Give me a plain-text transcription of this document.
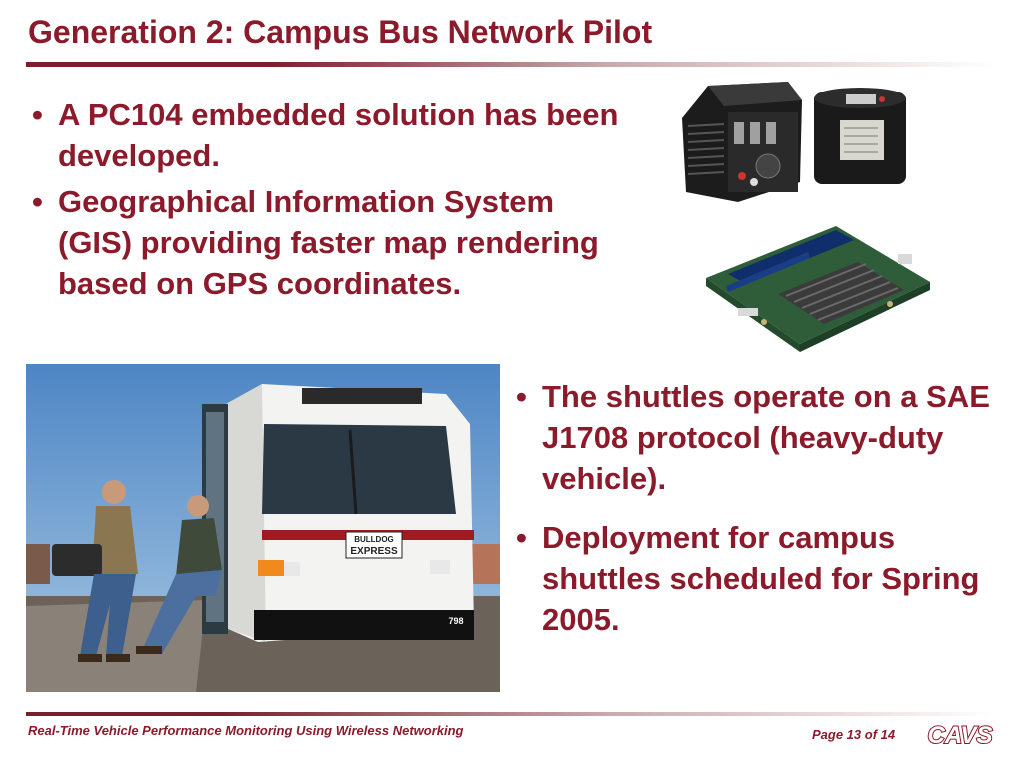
Generation 2: Campus Bus Network Pilot
• A PC104 embedded solution has been developed.
• Geographical Information System (GIS) providing faster map rendering based on GPS coordinates.
BULLDOG
EXPRESS
798
• The shuttles operate on a SAE J1708 protocol (heavy-duty vehicle).
• Deployment for campus shuttles scheduled for Spring 2005.
Real-Time Vehicle Performance Monitoring Using Wireless Networking	Page 13 of 14 CAVS
